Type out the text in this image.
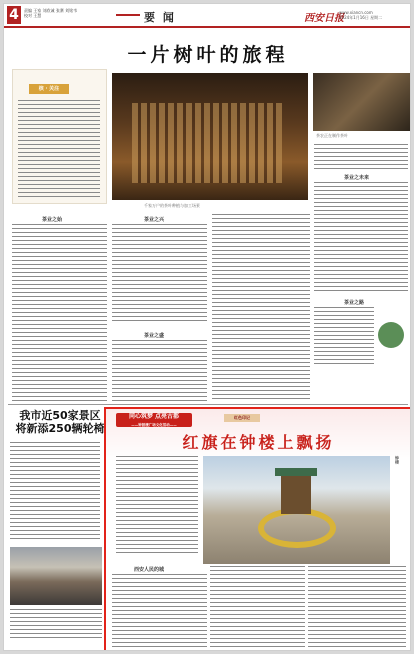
4	责编 王家 刘欣诚 张赛 刘铭韦
校对 王慧	要 闻	西安日报
www.xiancn.com
2024年1月16日 星期二
一片树叶的旅程
核 · 关注
千家万户的茶叶种植与加工场景
茶农正在制作茶叶
茶业之始	茶业之兴
茶业之盛
茶业之未来
茶业之路
我市近50家景区
将新添250辆轮椅
同心筑梦 点亮古都
——钟鼓楼广场文化活动——
红色印记
红旗在钟楼上飘扬
钟楼
西安人民的城
